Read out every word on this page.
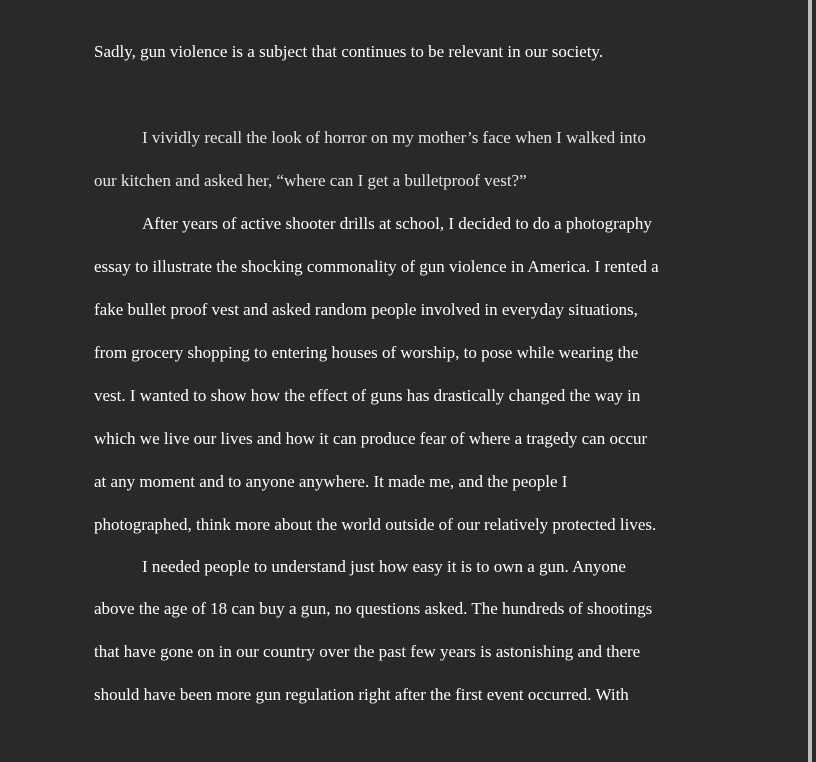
Sadly, gun violence is a subject that continues to be relevant in our society.
I vividly recall the look of horror on my mother’s face when I walked into
our kitchen and asked her, “where can I get a bulletproof vest?”
After years of active shooter drills at school, I decided to do a photography
essay to illustrate the shocking commonality of gun violence in America. I rented a
fake bullet proof vest and asked random people involved in everyday situations,
from grocery shopping to entering houses of worship, to pose while wearing the
vest. I wanted to show how the effect of guns has drastically changed the way in
which we live our lives and how it can produce fear of where a tragedy can occur
at any moment and to anyone anywhere. It made me, and the people I
photographed, think more about the world outside of our relatively protected lives.
I needed people to understand just how easy it is to own a gun. Anyone
above the age of 18 can buy a gun, no questions asked. The hundreds of shootings
that have gone on in our country over the past few years is astonishing and there
should have been more gun regulation right after the first event occurred. With
